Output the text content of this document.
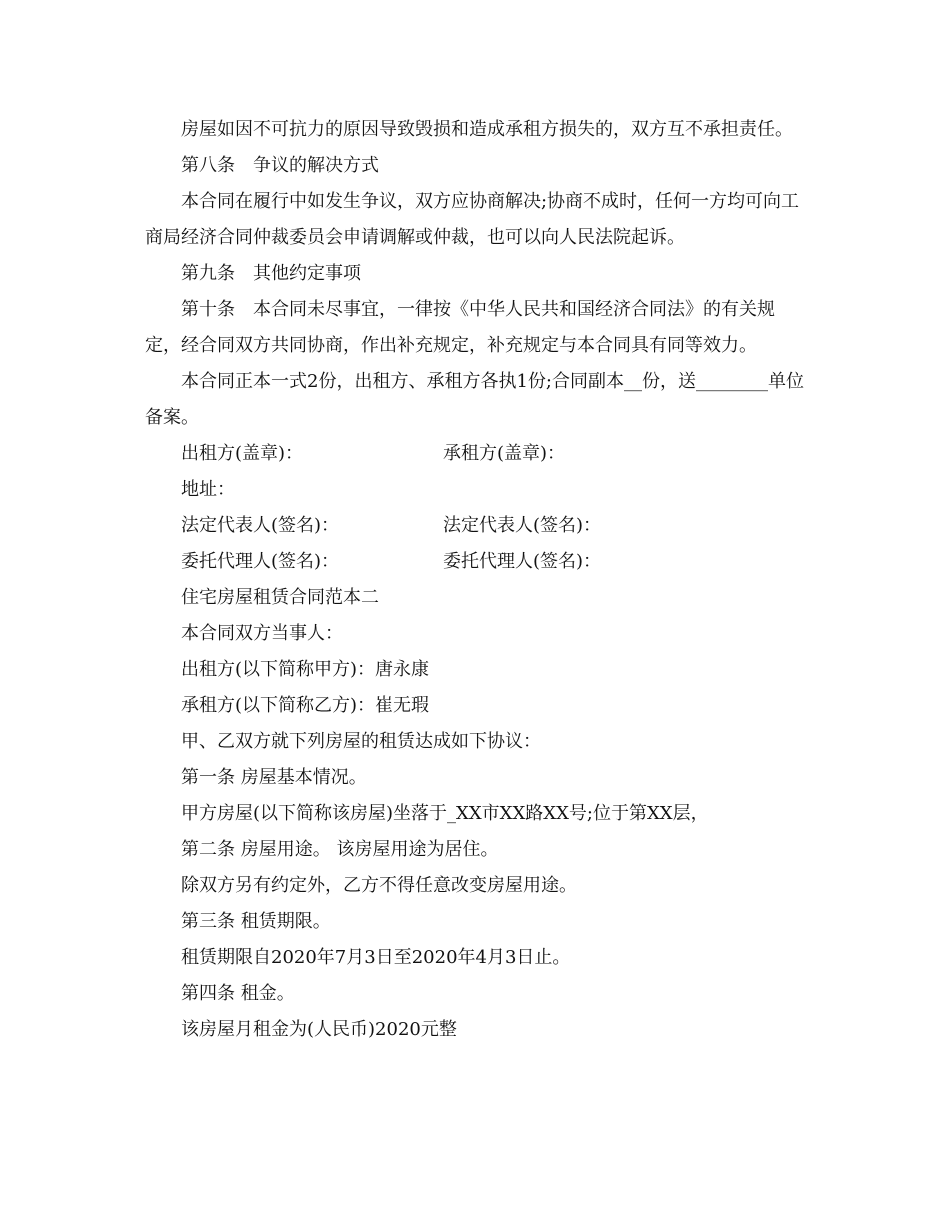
房屋如因不可抗力的原因导致毁损和造成承租方损失的，双方互不承担责任。

第八条　争议的解决方式

本合同在履行中如发生争议，双方应协商解决;协商不成时，任何一方均可向工商局经济合同仲裁委员会申请调解或仲裁，也可以向人民法院起诉。

第九条　其他约定事项

第十条　本合同未尽事宜，一律按《中华人民共和国经济合同法》的有关规定，经合同双方共同协商，作出补充规定，补充规定与本合同具有同等效力。

本合同正本一式2份，出租方、承租方各执1份;合同副本__份，送________单位备案。

出租方(盖章)：	承租方(盖章)：
地址：
法定代表人(签名)：	法定代表人(签名)：
委托代理人(签名)：	委托代理人(签名)：

住宅房屋租赁合同范本二

本合同双方当事人：

出租方(以下简称甲方)：唐永康

承租方(以下简称乙方)：崔无瑕

甲、乙双方就下列房屋的租赁达成如下协议：

第一条 房屋基本情况。

甲方房屋(以下简称该房屋)坐落于_XX市XX路XX号;位于第XX层，

第二条 房屋用途。 该房屋用途为居住。

除双方另有约定外，乙方不得任意改变房屋用途。

第三条 租赁期限。

租赁期限自2020年7月3日至2020年4月3日止。

第四条 租金。

该房屋月租金为(人民币)2020元整
